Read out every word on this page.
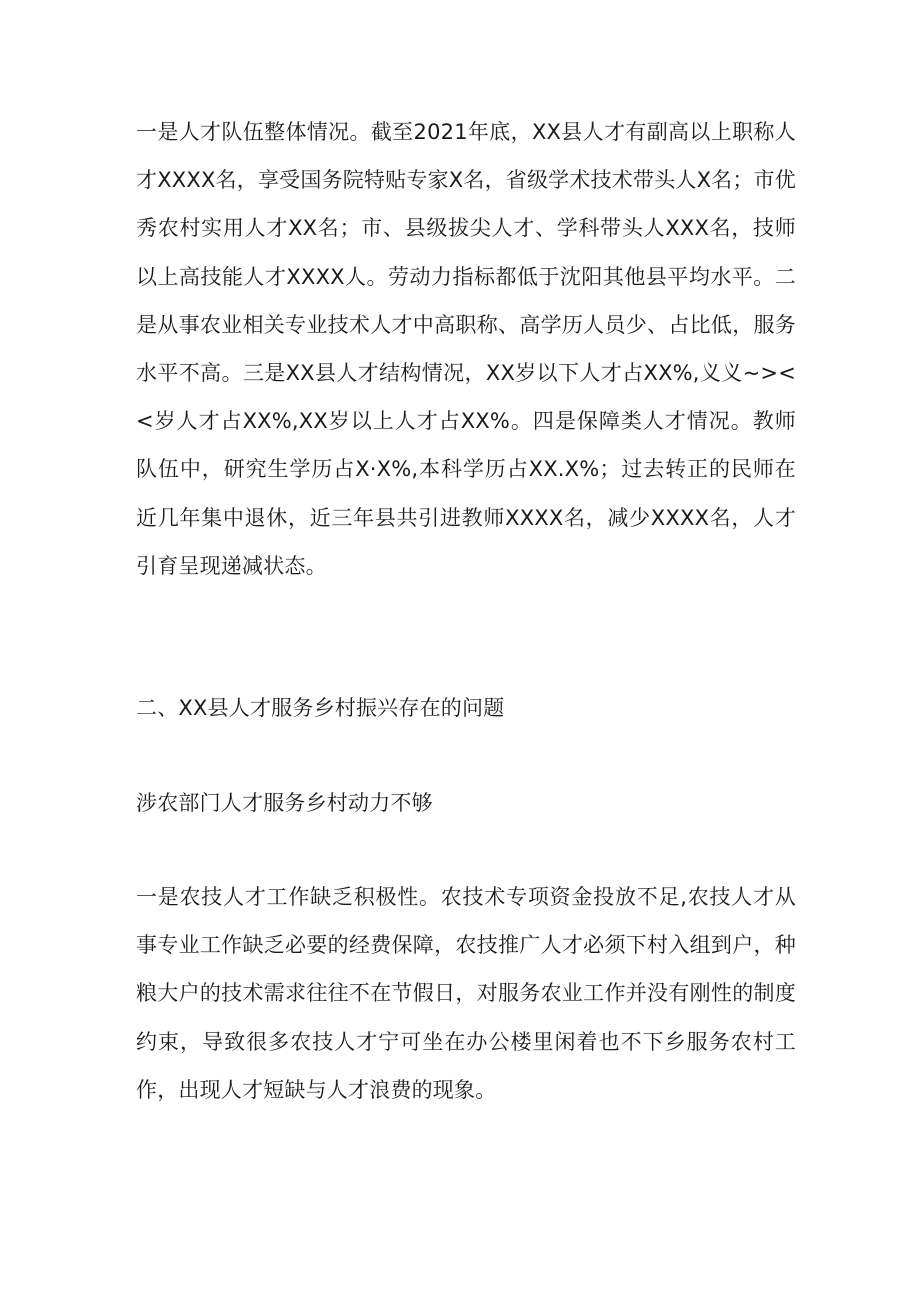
一是人才队伍整体情况。截至2021年底，XX县人才有副高以上职称人才XXXX名，享受国务院特贴专家X名，省级学术技术带头人X名；市优秀农村实用人才XX名；市、县级拔尖人才、学科带头人XXX名，技师以上高技能人才XXXX人。劳动力指标都低于沈阳其他县平均水平。二是从事农业相关专业技术人才中高职称、高学历人员少、占比低，服务水平不高。三是XX县人才结构情况，XX岁以下人才占XX%,义义~><<岁人才占XX%,XX岁以上人才占XX%。四是保障类人才情况。教师队伍中，研究生学历占X·X%,本科学历占XX.X%；过去转正的民师在近几年集中退休，近三年县共引进教师XXXX名，减少XXXX名，人才引育呈现递减状态。

二、XX县人才服务乡村振兴存在的问题

涉农部门人才服务乡村动力不够

一是农技人才工作缺乏积极性。农技术专项资金投放不足,农技人才从事专业工作缺乏必要的经费保障，农技推广人才必须下村入组到户，种粮大户的技术需求往往不在节假日，对服务农业工作并没有刚性的制度约束，导致很多农技人才宁可坐在办公楼里闲着也不下乡服务农村工作，出现人才短缺与人才浪费的现象。
